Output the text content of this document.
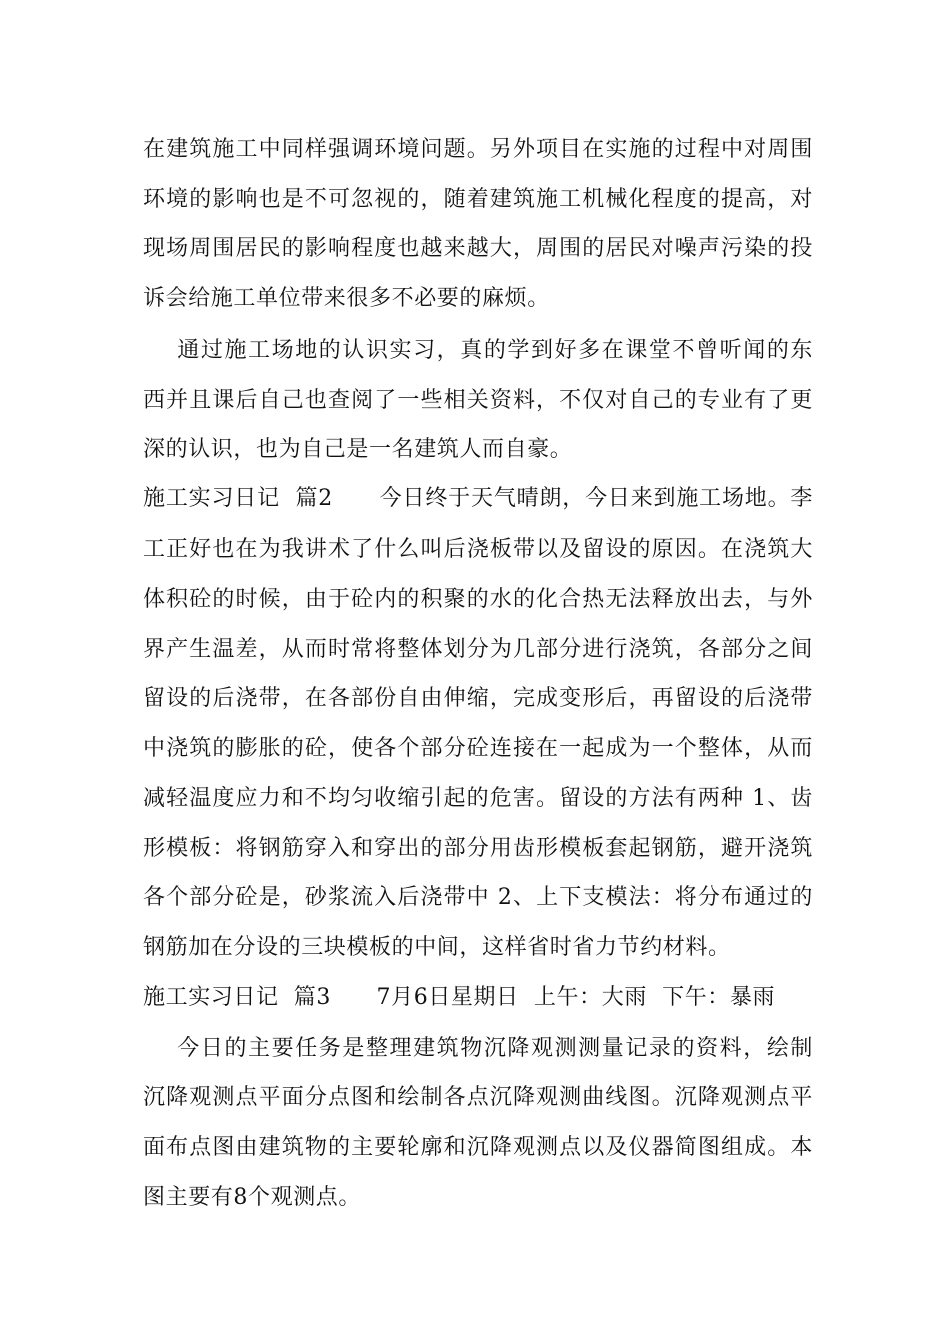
在建筑施工中同样强调环境问题。另外项目在实施的过程中对周围
环境的影响也是不可忽视的，随着建筑施工机械化程度的提高，对
现场周围居民的影响程度也越来越大，周围的居民对噪声污染的投
诉会给施工单位带来很多不必要的麻烦。
通过施工场地的认识实习，真的学到好多在课堂不曾听闻的东
西并且课后自己也查阅了一些相关资料，不仅对自己的专业有了更
深的认识，也为自己是一名建筑人而自豪。
施工实习日记  篇2      今日终于天气晴朗，今日来到施工场地。李
工正好也在为我讲术了什么叫后浇板带以及留设的原因。在浇筑大
体积砼的时候，由于砼内的积聚的水的化合热无法释放出去，与外
界产生温差，从而时常将整体划分为几部分进行浇筑，各部分之间
留设的后浇带，在各部份自由伸缩，完成变形后，再留设的后浇带
中浇筑的膨胀的砼，使各个部分砼连接在一起成为一个整体，从而
减轻温度应力和不均匀收缩引起的危害。留设的方法有两种 1、齿
形模板：将钢筋穿入和穿出的部分用齿形模板套起钢筋，避开浇筑
各个部分砼是，砂浆流入后浇带中 2、上下支模法：将分布通过的
钢筋加在分设的三块模板的中间，这样省时省力节约材料。
施工实习日记  篇3      7月6日星期日  上午：大雨  下午：暴雨
今日的主要任务是整理建筑物沉降观测测量记录的资料，绘制
沉降观测点平面分点图和绘制各点沉降观测曲线图。沉降观测点平
面布点图由建筑物的主要轮廓和沉降观测点以及仪器简图组成。本
图主要有8个观测点。
